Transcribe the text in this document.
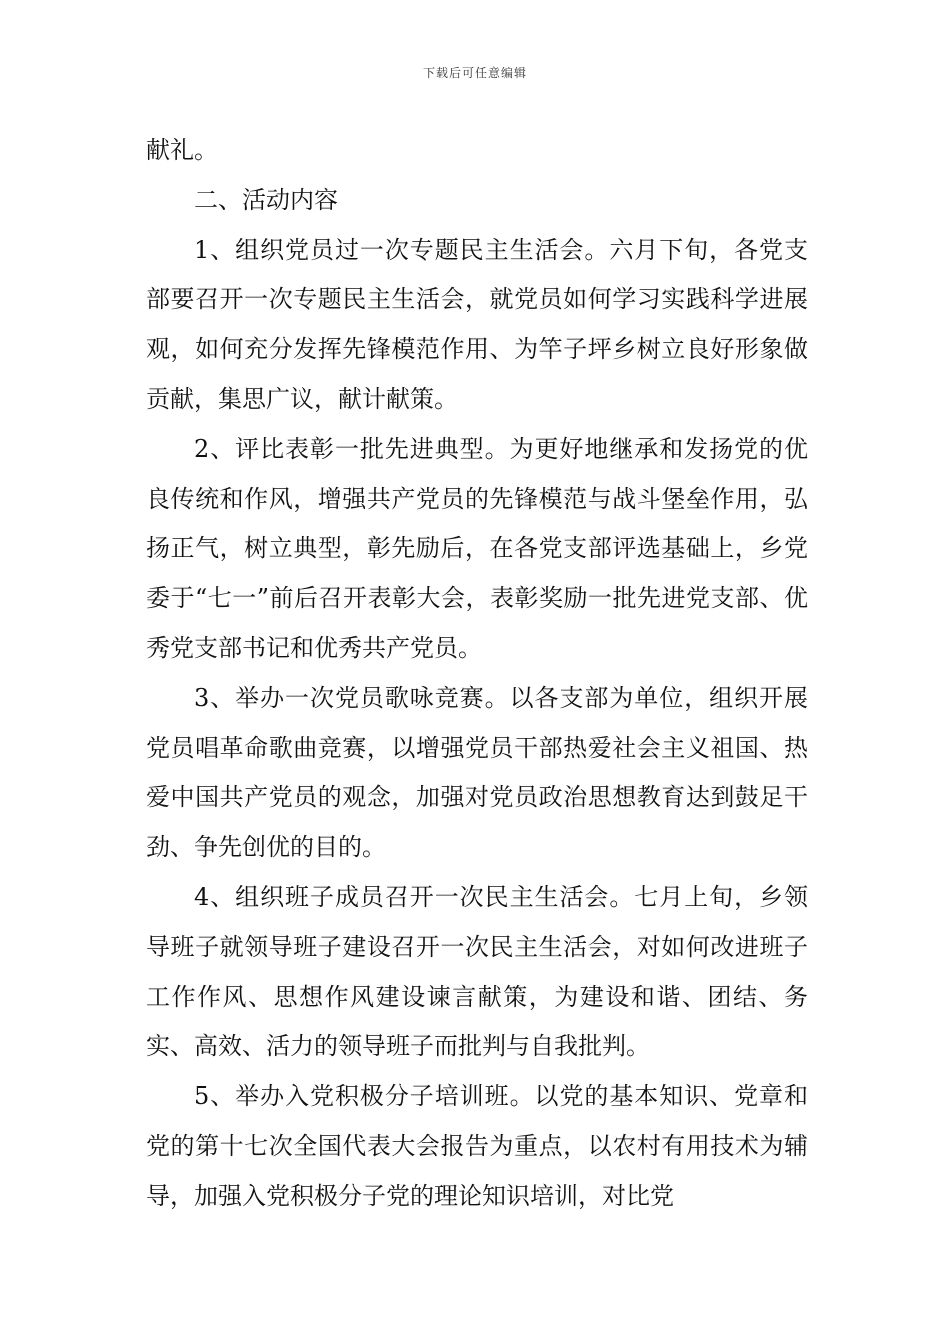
下载后可任意编辑

献礼。

二、活动内容

1、组织党员过一次专题民主生活会。六月下旬，各党支部要召开一次专题民主生活会，就党员如何学习实践科学进展观，如何充分发挥先锋模范作用、为竿子坪乡树立良好形象做贡献，集思广议，献计献策。

2、评比表彰一批先进典型。为更好地继承和发扬党的优良传统和作风，增强共产党员的先锋模范与战斗堡垒作用，弘扬正气，树立典型，彰先励后，在各党支部评选基础上，乡党委于“七一”前后召开表彰大会，表彰奖励一批先进党支部、优秀党支部书记和优秀共产党员。

3、举办一次党员歌咏竞赛。以各支部为单位，组织开展党员唱革命歌曲竞赛，以增强党员干部热爱社会主义祖国、热爱中国共产党员的观念，加强对党员政治思想教育达到鼓足干劲、争先创优的目的。

4、组织班子成员召开一次民主生活会。七月上旬，乡领导班子就领导班子建设召开一次民主生活会，对如何改进班子工作作风、思想作风建设谏言献策，为建设和谐、团结、务实、高效、活力的领导班子而批判与自我批判。

5、举办入党积极分子培训班。以党的基本知识、党章和党的第十七次全国代表大会报告为重点，以农村有用技术为辅导，加强入党积极分子党的理论知识培训，对比党
